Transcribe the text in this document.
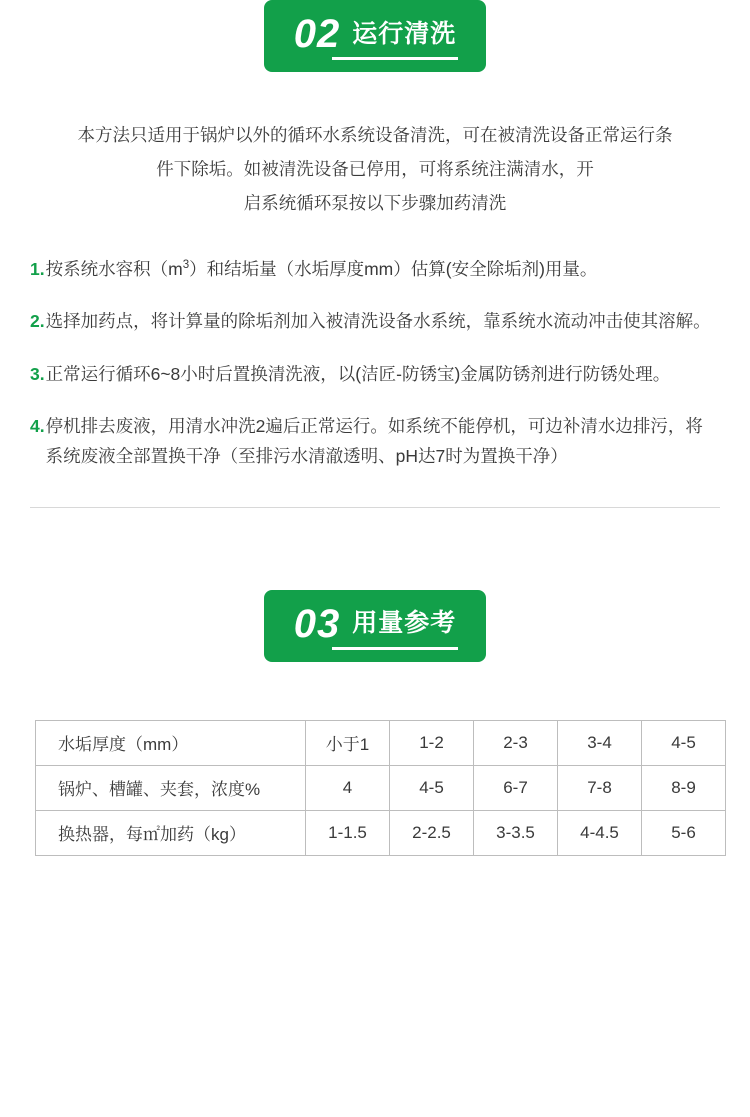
02 运行清洗
本方法只适用于锅炉以外的循环水系统设备清洗，可在被清洗设备正常运行条
件下除垢。如被清洗设备已停用，可将系统注满清水，开
启系统循环泵按以下步骤加药清洗
1. 按系统水容积$(m^3)$和结垢量（水垢厚度mm）估算(安全除垢剂)用量。
2. 选择加药点，将计算量的除垢剂加入被清洗设备水系统，靠系统水流动冲击使其溶解。
3. 正常运行循环6~8小时后置换清洗液，以(洁匠-防锈宝)金属防锈剂进行防锈处理。
4. 停机排去废液，用清水冲洗2遍后正常运行。如系统不能停机，可边补清水边排污，将系统废液全部置换干净（至排污水清澈透明、pH达7时为置换干净）
03 用量参考
水垢厚度（mm）	小于1	1-2	2-3	3-4	4-5
锅炉、槽罐、夹套，浓度%	4	4-5	6-7	7-8	8-9
换热器，每㎡加药（kg）	1-1.5	2-2.5	3-3.5	4-4.5	5-6
